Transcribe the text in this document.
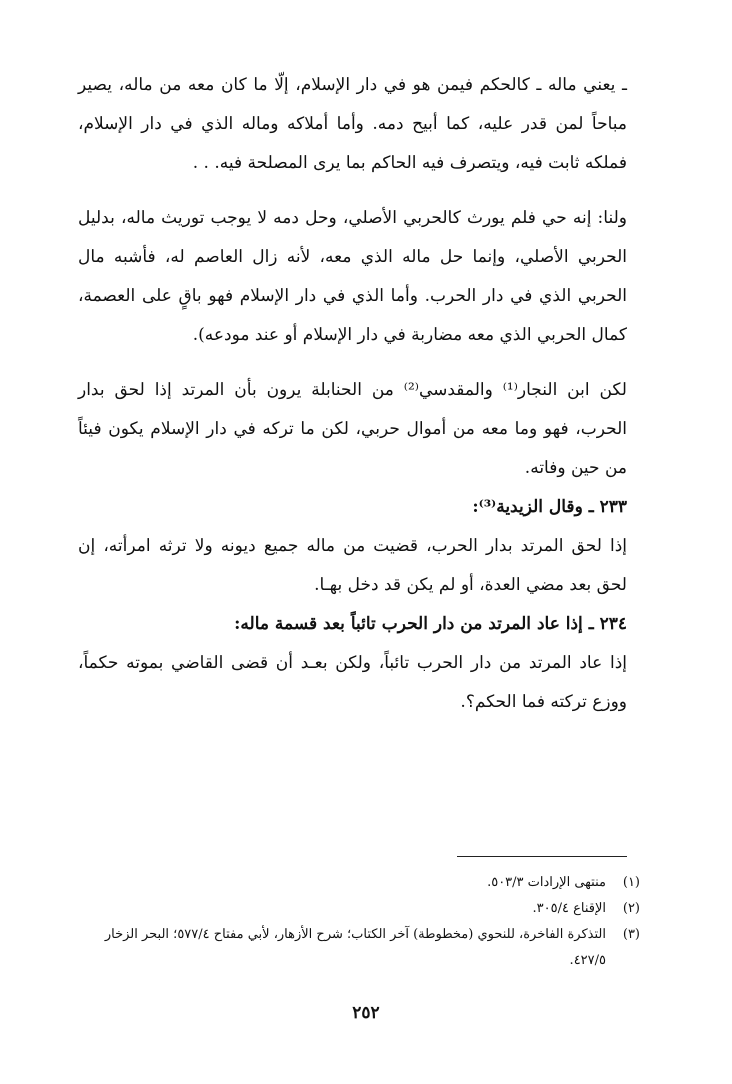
ـ يعني ماله ـ كالحكم فيمن هو في دار الإسلام، إلّا ما كان معه من ماله، يصير مباحاً لمن قدر عليه، كما أبيح دمه. وأما أملاكه وماله الذي في دار الإسلام، فملكه ثابت فيه، ويتصرف فيه الحاكم بما يرى المصلحة فيه. . .

ولنا: إنه حي فلم يورث كالحربي الأصلي، وحل دمه لا يوجب توريث ماله، بدليل الحربي الأصلي، وإنما حل ماله الذي معه، لأنه زال العاصم له، فأشبه مال الحربي الذي في دار الحرب. وأما الذي في دار الإسلام فهو باقٍ على العصمة، كمال الحربي الذي معه مضاربة في دار الإسلام أو عند مودعه).

لكن ابن النجار⁽¹⁾ والمقدسي⁽²⁾ من الحنابلة يرون بأن المرتد إذا لحق بدار الحرب، فهو وما معه من أموال حربي، لكن ما تركه في دار الإسلام يكون فيئاً من حين وفاته.

٢٣٣ ـ وقال الزيدية⁽³⁾:

إذا لحق المرتد بدار الحرب، قضيت من ماله جميع ديونه ولا ترثه امرأته، إن لحق بعد مضي العدة، أو لم يكن قد دخل بهـا.

٢٣٤ ـ إذا عاد المرتد من دار الحرب تائباً بعد قسمة ماله:

إذا عاد المرتد من دار الحرب تائباً، ولكن بعـد أن قضى القاضي بموته حكماً، ووزع تركته فما الحكم؟.

(١)
منتهى الإرادات ٥٠٣/٣.
(٢)
الإقناع ٣٠٥/٤.
(٣)
التذكرة الفاخرة، للنحوي (مخطوطة) آخر الكتاب؛ شرح الأزهار، لأبي مفتاح ٥٧٧/٤؛ البحر الزخار ٤٢٧/٥.
٢٥٢
